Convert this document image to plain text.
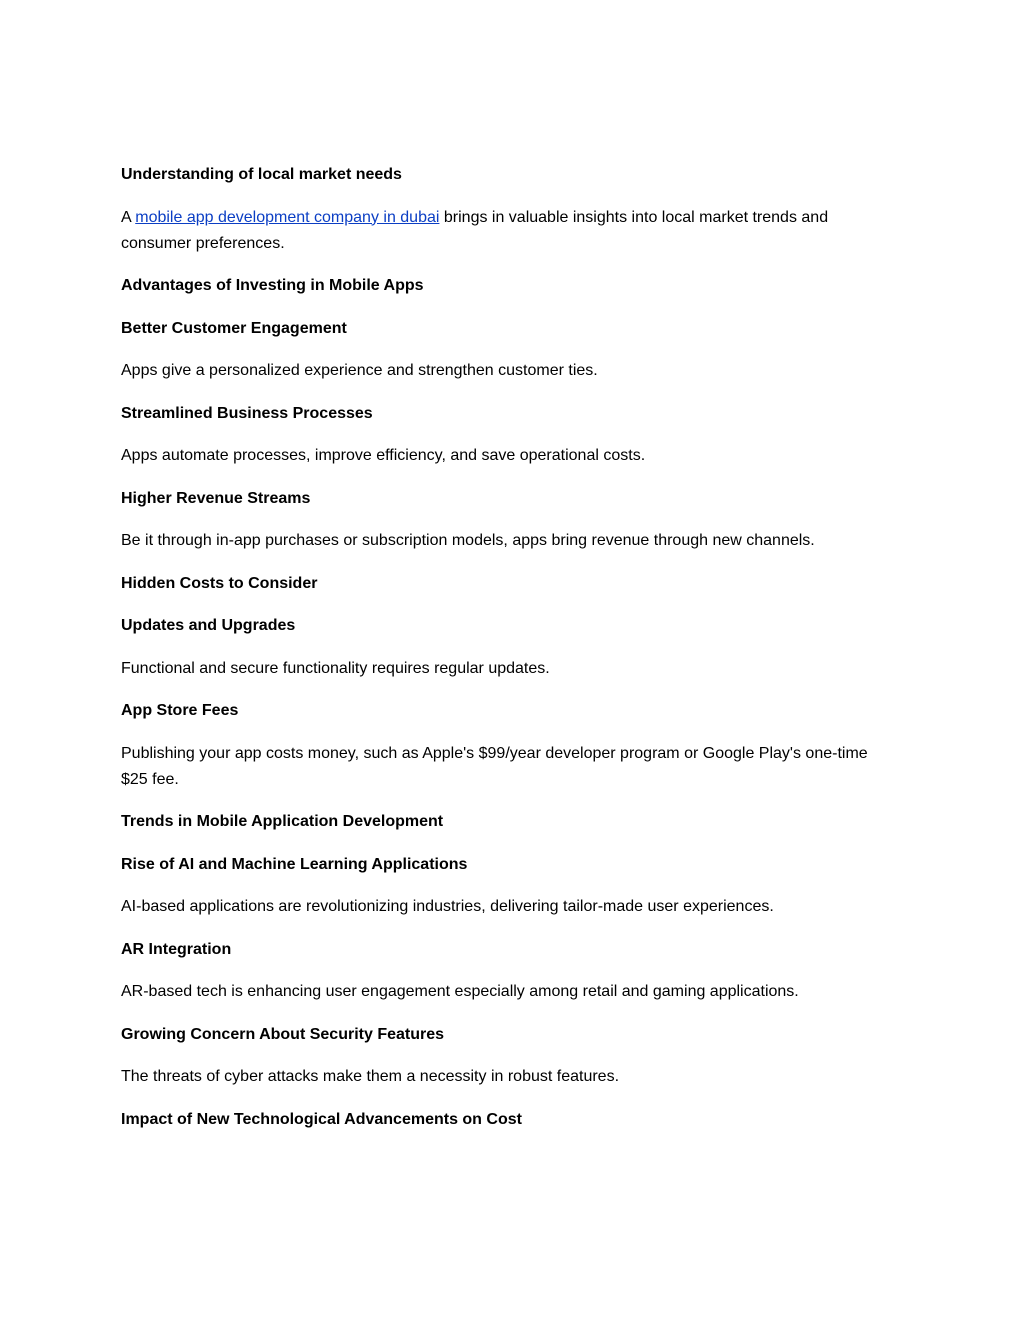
Understanding of local market needs

A mobile app development company in dubai brings in valuable insights into local market trends and consumer preferences.

Advantages of Investing in Mobile Apps

Better Customer Engagement

Apps give a personalized experience and strengthen customer ties.

Streamlined Business Processes

Apps automate processes, improve efficiency, and save operational costs.

Higher Revenue Streams

Be it through in-app purchases or subscription models, apps bring revenue through new channels.

Hidden Costs to Consider

Updates and Upgrades

Functional and secure functionality requires regular updates.

App Store Fees

Publishing your app costs money, such as Apple's $99/year developer program or Google Play's one-time $25 fee.

Trends in Mobile Application Development

Rise of AI and Machine Learning Applications

AI-based applications are revolutionizing industries, delivering tailor-made user experiences.

AR Integration

AR-based tech is enhancing user engagement especially among retail and gaming applications.

Growing Concern About Security Features

The threats of cyber attacks make them a necessity in robust features.

Impact of New Technological Advancements on Cost
